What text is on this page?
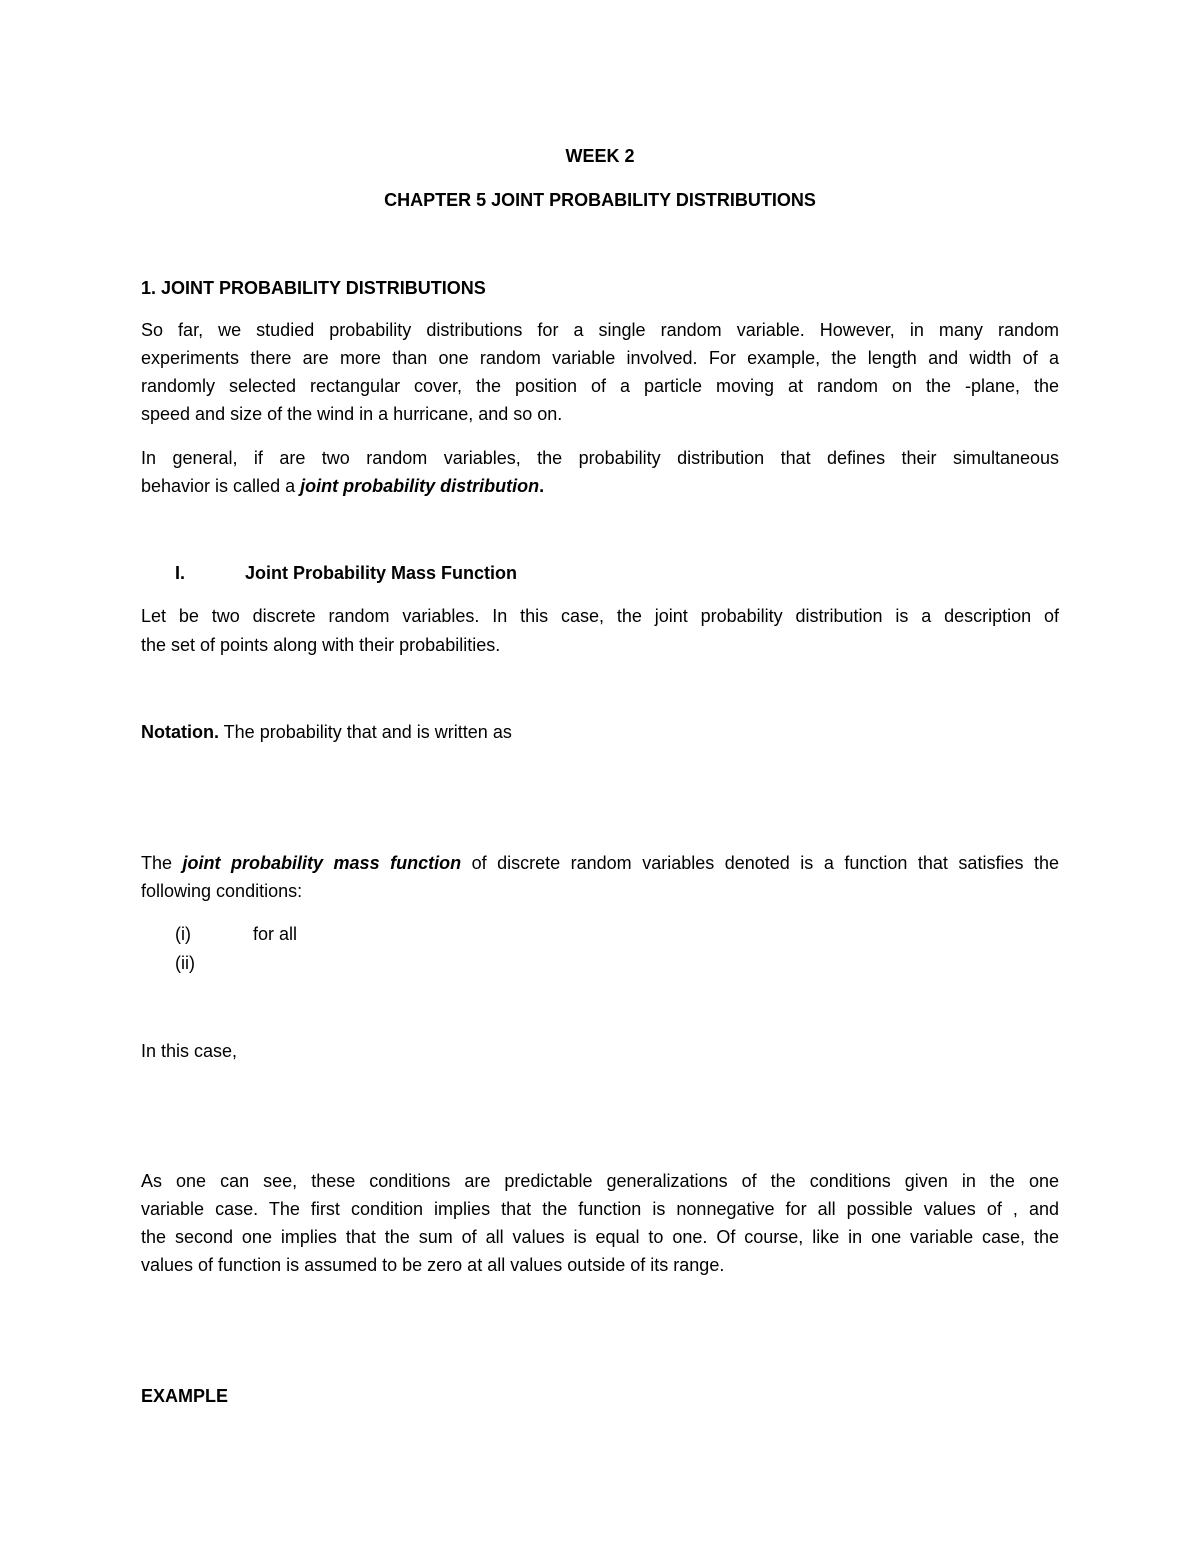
WEEK 2
CHAPTER 5 JOINT PROBABILITY DISTRIBUTIONS
1. JOINT PROBABILITY DISTRIBUTIONS
So far, we studied probability distributions for a single random variable. However, in many random
experiments there are more than one random variable involved. For example, the length and width of a
randomly selected rectangular cover, the position of a particle moving at random on the -plane, the
speed and size of the wind in a hurricane, and so on.
In general, if are two random variables, the probability distribution that defines their simultaneous
behavior is called a joint probability distribution.
I.	Joint Probability Mass Function
Let be two discrete random variables. In this case, the joint probability distribution is a description of
the set of points along with their probabilities.
Notation. The probability that and is written as
The joint probability mass function of discrete random variables denoted is a function that satisfies the
following conditions:
(i)	for all
(ii)
In this case,
As one can see, these conditions are predictable generalizations of the conditions given in the one
variable case. The first condition implies that the function is nonnegative for all possible values of , and
the second one implies that the sum of all values is equal to one. Of course, like in one variable case, the
values of function is assumed to be zero at all values outside of its range.
EXAMPLE
